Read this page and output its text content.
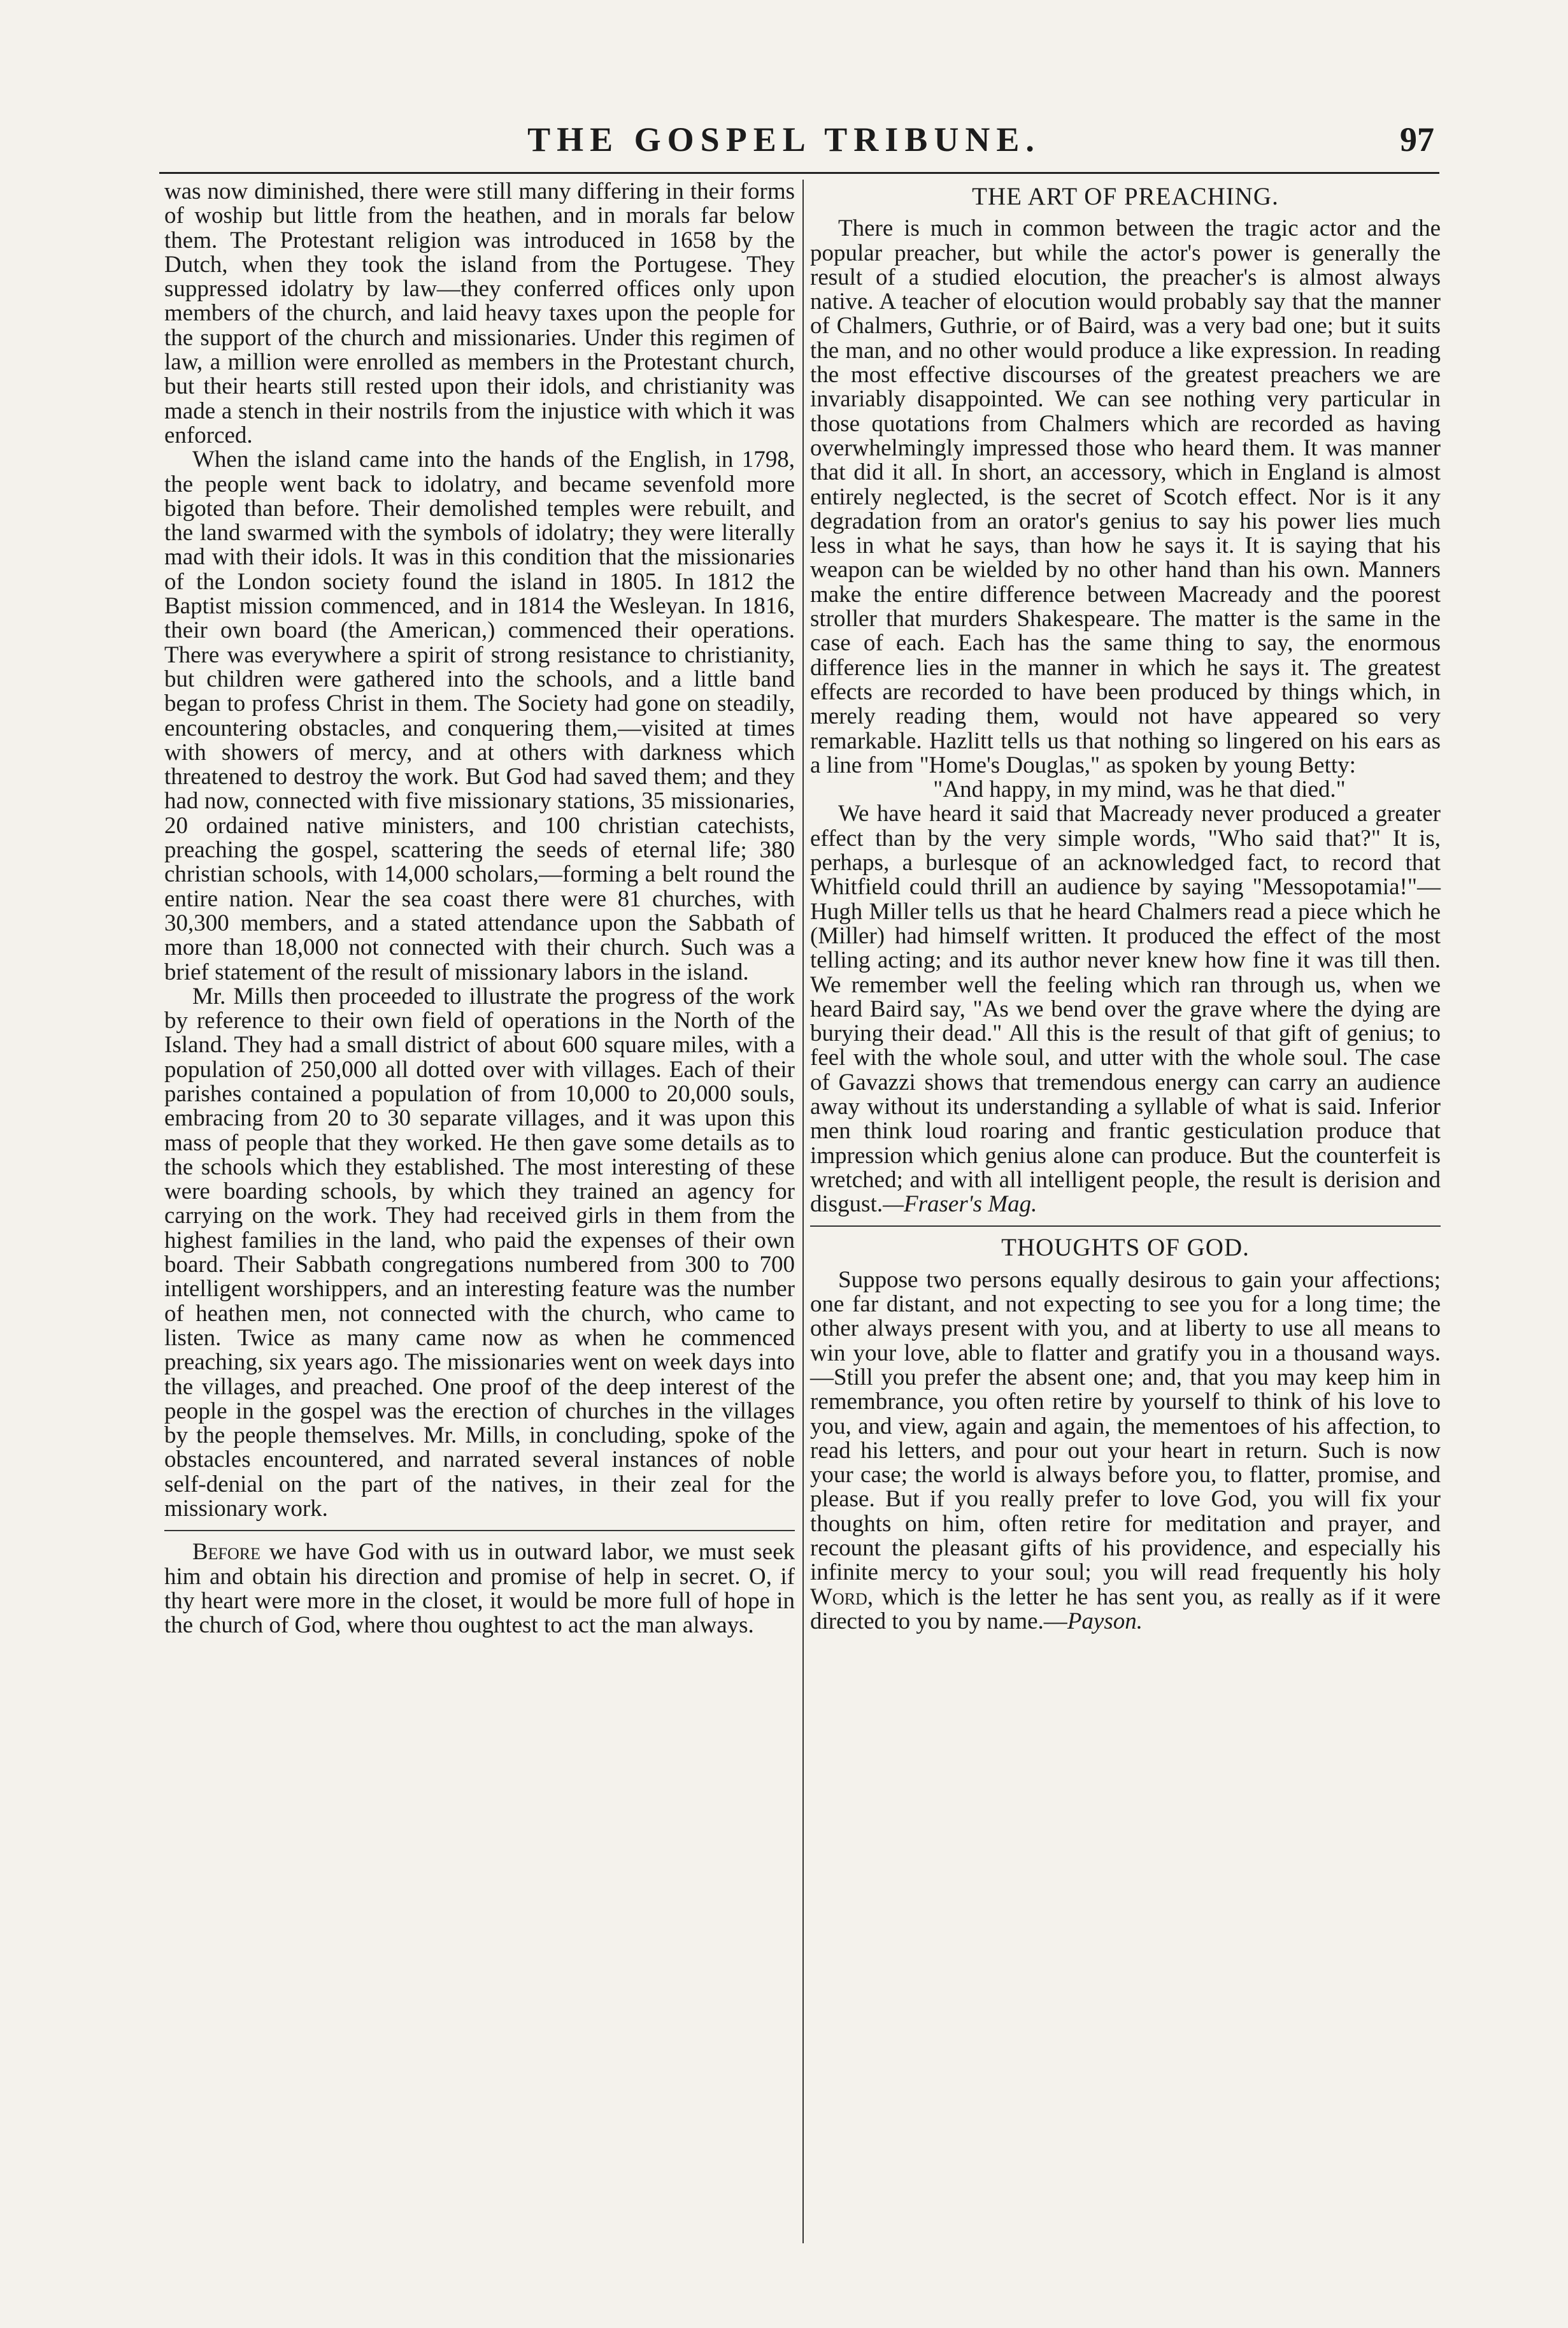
THE GOSPEL TRIBUNE.	97

was now diminished, there were still many differing in their forms of woship but little from the heathen, and in morals far below them. The Protestant religion was introduced in 1658 by the Dutch, when they took the island from the Portugese. They suppressed idolatry by law—they conferred offices only upon members of the church, and laid heavy taxes upon the people for the support of the church and missionaries. Under this regimen of law, a million were enrolled as members in the Protestant church, but their hearts still rested upon their idols, and christianity was made a stench in their nostrils from the injustice with which it was enforced.

When the island came into the hands of the English, in 1798, the people went back to idolatry, and became sevenfold more bigoted than before. Their demolished temples were rebuilt, and the land swarmed with the symbols of idolatry; they were literally mad with their idols. It was in this condition that the missionaries of the London society found the island in 1805. In 1812 the Baptist mission commenced, and in 1814 the Wesleyan. In 1816, their own board (the American,) commenced their operations. There was everywhere a spirit of strong resistance to christianity, but children were gathered into the schools, and a little band began to profess Christ in them. The Society had gone on steadily, encountering obstacles, and conquering them,—visited at times with showers of mercy, and at others with darkness which threatened to destroy the work. But God had saved them; and they had now, connected with five missionary stations, 35 missionaries, 20 ordained native ministers, and 100 christian catechists, preaching the gospel, scattering the seeds of eternal life; 380 christian schools, with 14,000 scholars,—forming a belt round the entire nation. Near the sea coast there were 81 churches, with 30,300 members, and a stated attendance upon the Sabbath of more than 18,000 not connected with their church. Such was a brief statement of the result of missionary labors in the island.

Mr. Mills then proceeded to illustrate the progress of the work by reference to their own field of operations in the North of the Island. They had a small district of about 600 square miles, with a population of 250,000 all dotted over with villages. Each of their parishes contained a population of from 10,000 to 20,000 souls, embracing from 20 to 30 separate villages, and it was upon this mass of people that they worked. He then gave some details as to the schools which they established. The most interesting of these were boarding schools, by which they trained an agency for carrying on the work. They had received girls in them from the highest families in the land, who paid the expenses of their own board. Their Sabbath congregations numbered from 300 to 700 intelligent worshippers, and an interesting feature was the number of heathen men, not connected with the church, who came to listen. Twice as many came now as when he commenced preaching, six years ago. The missionaries went on week days into the villages, and preached. One proof of the deep interest of the people in the gospel was the erection of churches in the villages by the people themselves. Mr. Mills, in concluding, spoke of the obstacles encountered, and narrated several instances of noble self-denial on the part of the natives, in their zeal for the missionary work.

Before we have God with us in outward labor, we must seek him and obtain his direction and promise of help in secret. O, if thy heart were more in the closet, it would be more full of hope in the church of God, where thou oughtest to act the man always.

THE ART OF PREACHING.

There is much in common between the tragic actor and the popular preacher, but while the actor's power is generally the result of a studied elocution, the preacher's is almost always native. A teacher of elocution would probably say that the manner of Chalmers, Guthrie, or of Baird, was a very bad one; but it suits the man, and no other would produce a like expression. In reading the most effective discourses of the greatest preachers we are invariably disappointed. We can see nothing very particular in those quotations from Chalmers which are recorded as having overwhelmingly impressed those who heard them. It was manner that did it all. In short, an accessory, which in England is almost entirely neglected, is the secret of Scotch effect. Nor is it any degradation from an orator's genius to say his power lies much less in what he says, than how he says it. It is saying that his weapon can be wielded by no other hand than his own. Manners make the entire difference between Macready and the poorest stroller that murders Shakespeare. The matter is the same in the case of each. Each has the same thing to say, the enormous difference lies in the manner in which he says it. The greatest effects are recorded to have been produced by things which, in merely reading them, would not have appeared so very remarkable. Hazlitt tells us that nothing so lingered on his ears as a line from "Home's Douglas," as spoken by young Betty:

"And happy, in my mind, was he that died."

We have heard it said that Macready never produced a greater effect than by the very simple words, "Who said that?" It is, perhaps, a burlesque of an acknowledged fact, to record that Whitfield could thrill an audience by saying "Messopotamia!"—Hugh Miller tells us that he heard Chalmers read a piece which he (Miller) had himself written. It produced the effect of the most telling acting; and its author never knew how fine it was till then. We remember well the feeling which ran through us, when we heard Baird say, "As we bend over the grave where the dying are burying their dead." All this is the result of that gift of genius; to feel with the whole soul, and utter with the whole soul. The case of Gavazzi shows that tremendous energy can carry an audience away without its understanding a syllable of what is said. Inferior men think loud roaring and frantic gesticulation produce that impression which genius alone can produce. But the counterfeit is wretched; and with all intelligent people, the result is derision and disgust.—Fraser's Mag.

THOUGHTS OF GOD.

Suppose two persons equally desirous to gain your affections; one far distant, and not expecting to see you for a long time; the other always present with you, and at liberty to use all means to win your love, able to flatter and gratify you in a thousand ways.—Still you prefer the absent one; and, that you may keep him in remembrance, you often retire by yourself to think of his love to you, and view, again and again, the mementoes of his affection, to read his letters, and pour out your heart in return. Such is now your case; the world is always before you, to flatter, promise, and please. But if you really prefer to love God, you will fix your thoughts on him, often retire for meditation and prayer, and recount the pleasant gifts of his providence, and especially his infinite mercy to your soul; you will read frequently his holy Word, which is the letter he has sent you, as really as if it were directed to you by name.—Payson.
